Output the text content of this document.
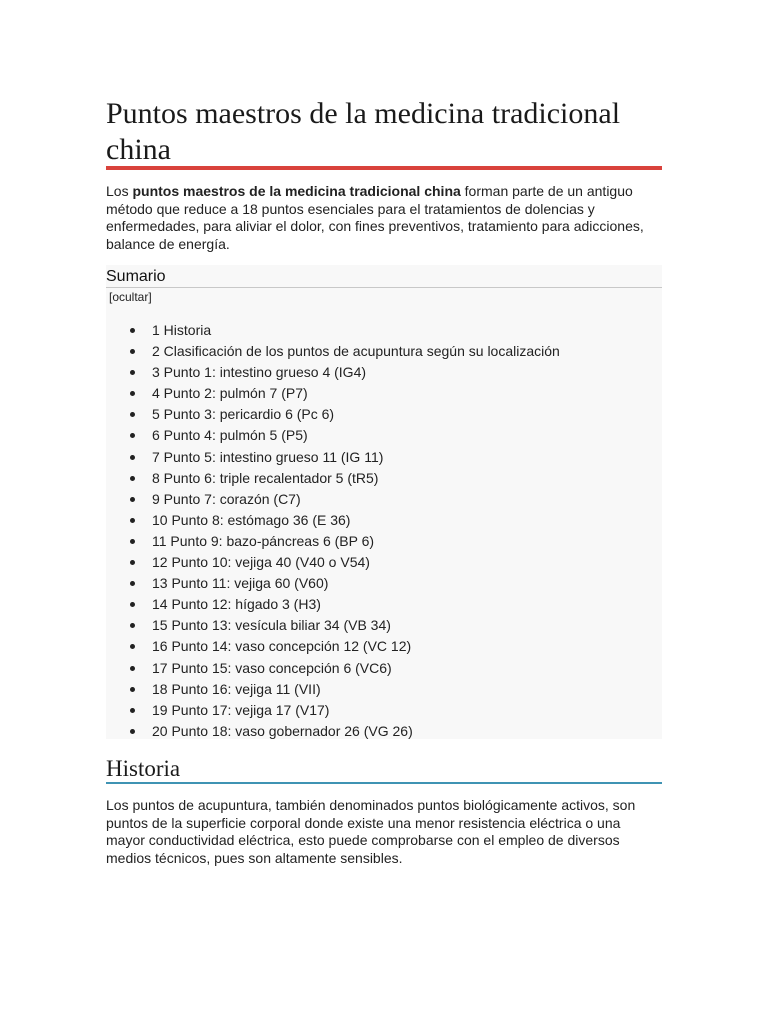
Puntos maestros de la medicina tradicional china

Los puntos maestros de la medicina tradicional china forman parte de un antiguo método que reduce a 18 puntos esenciales para el tratamientos de dolencias y enfermedades, para aliviar el dolor, con fines preventivos, tratamiento para adicciones, balance de energía.

Sumario
[ocultar]
1 Historia
2 Clasificación de los puntos de acupuntura según su localización
3 Punto 1: intestino grueso 4 (IG4)
4 Punto 2: pulmón 7 (P7)
5 Punto 3: pericardio 6 (Pc 6)
6 Punto 4: pulmón 5 (P5)
7 Punto 5: intestino grueso 11 (IG 11)
8 Punto 6: triple recalentador 5 (tR5)
9 Punto 7: corazón (C7)
10 Punto 8: estómago 36 (E 36)
11 Punto 9: bazo-páncreas 6 (BP 6)
12 Punto 10: vejiga 40 (V40 o V54)
13 Punto 11: vejiga 60 (V60)
14 Punto 12: hígado 3 (H3)
15 Punto 13: vesícula biliar 34 (VB 34)
16 Punto 14: vaso concepción 12 (VC 12)
17 Punto 15: vaso concepción 6 (VC6)
18 Punto 16: vejiga 11 (VII)
19 Punto 17: vejiga 17 (V17)
20 Punto 18: vaso gobernador 26 (VG 26)
Historia

Los puntos de acupuntura, también denominados puntos biológicamente activos, son puntos de la superficie corporal donde existe una menor resistencia eléctrica o una mayor conductividad eléctrica, esto puede comprobarse con el empleo de diversos medios técnicos, pues son altamente sensibles.
